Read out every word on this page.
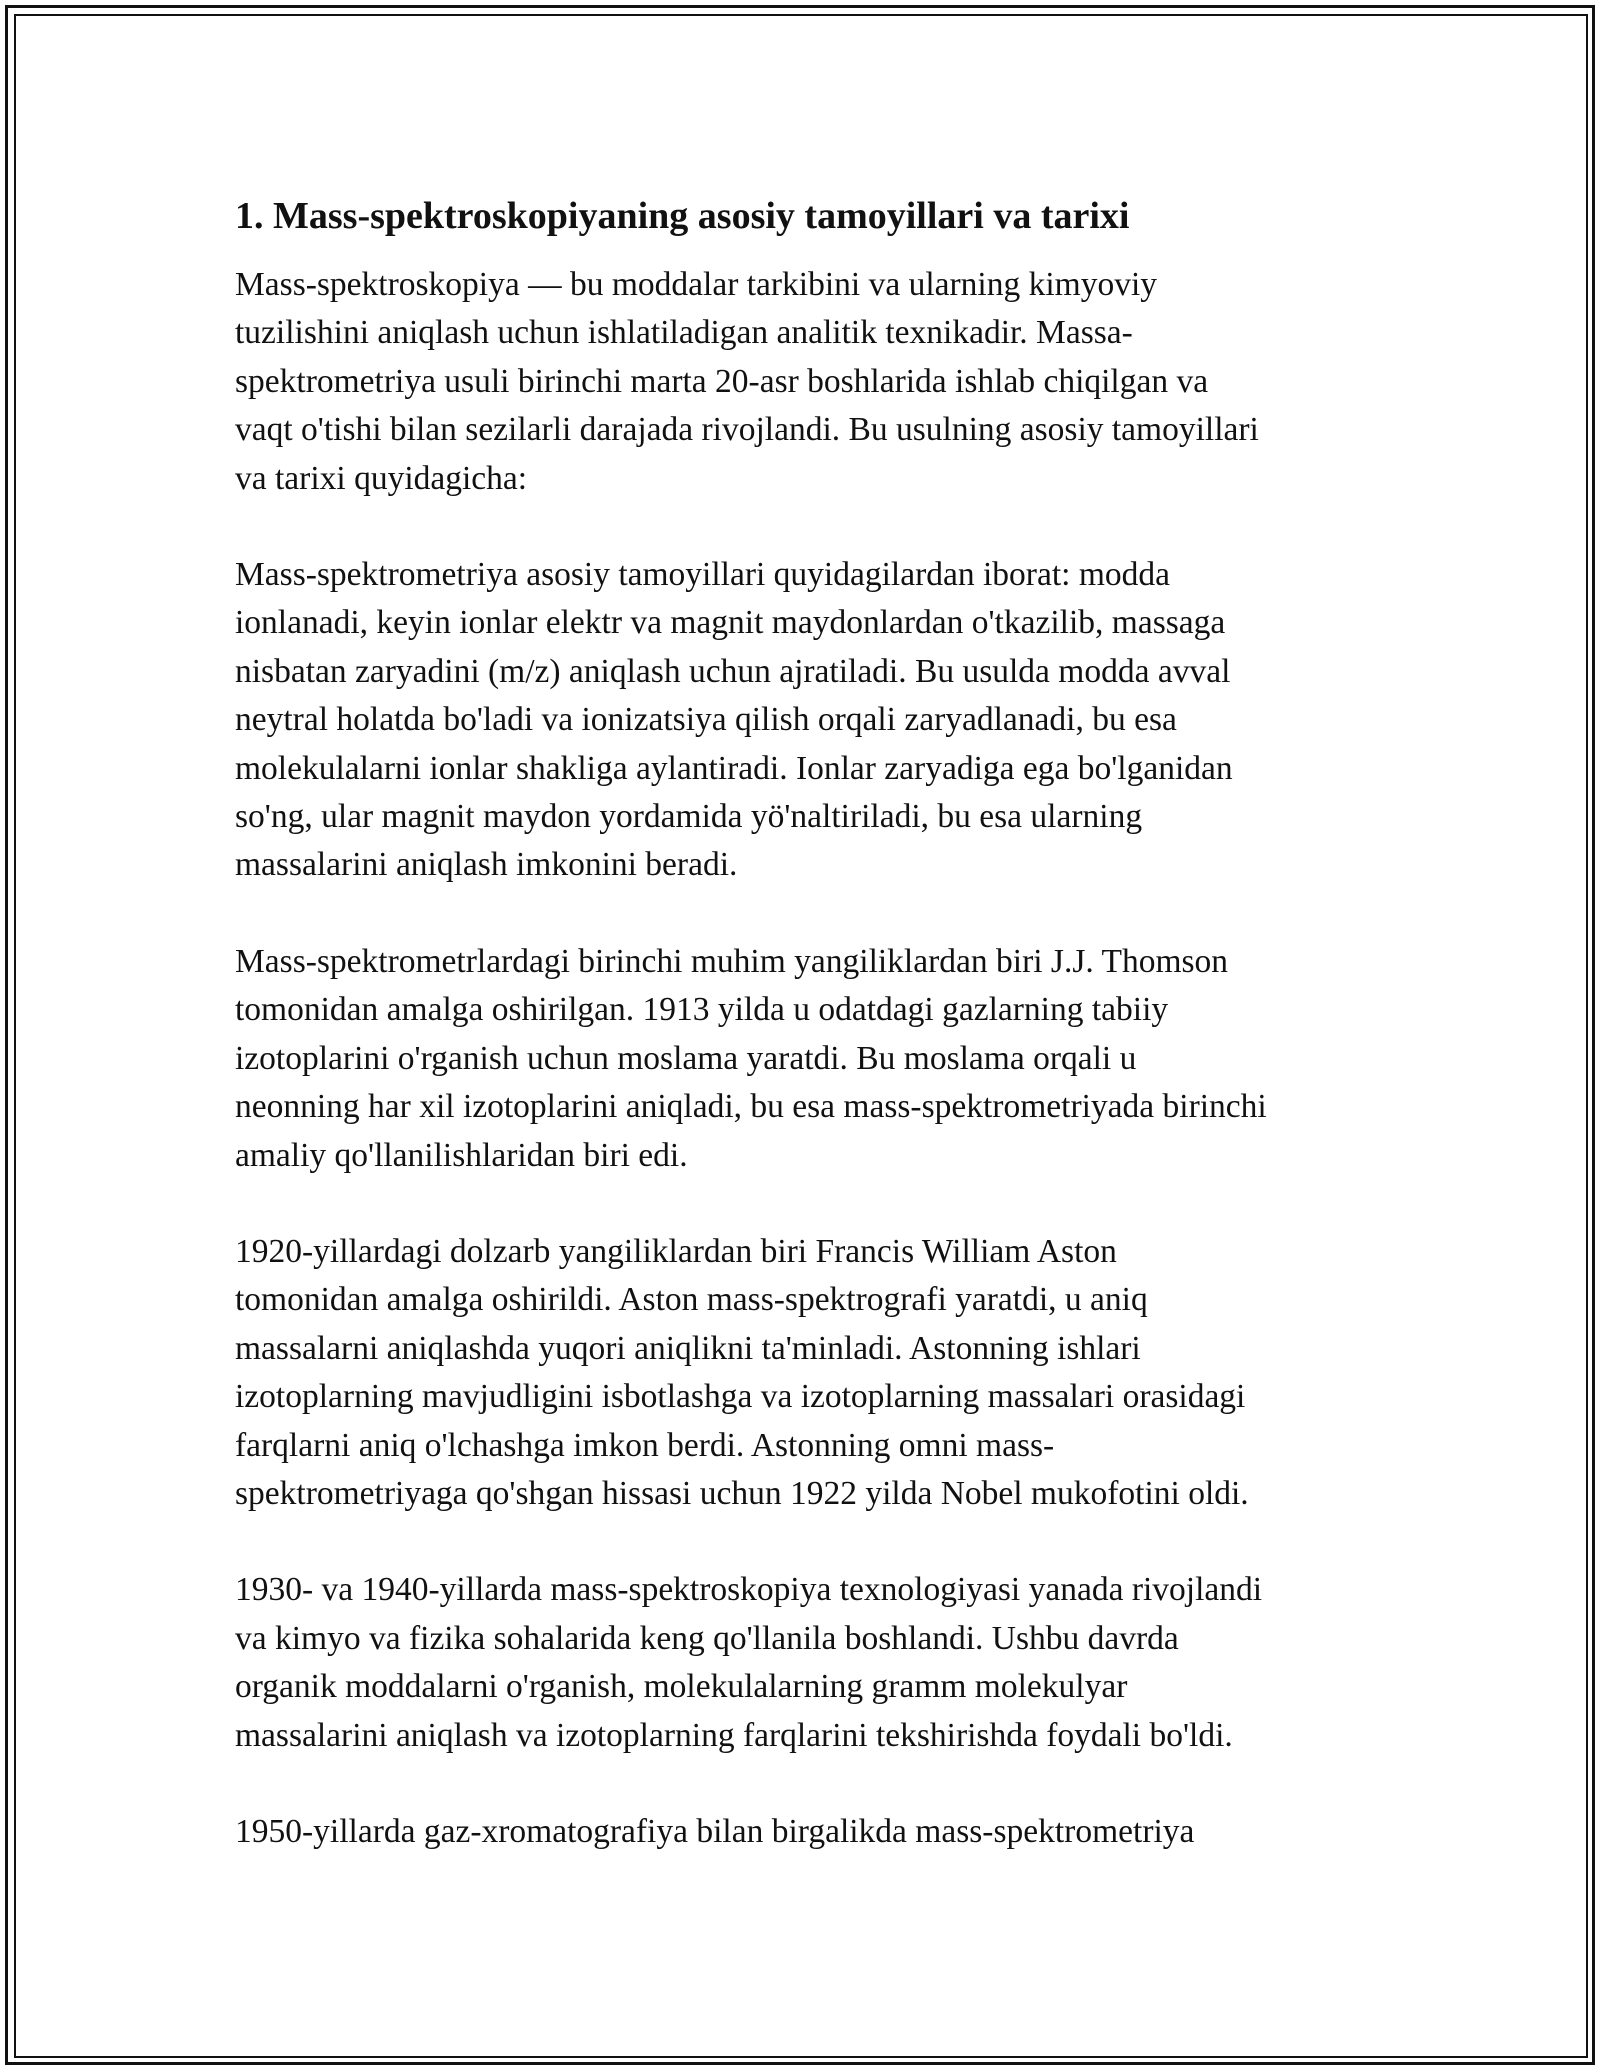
1. Mass-spektroskopiyaning asosiy tamoyillari va tarixi
Mass-spektroskopiya — bu moddalar tarkibini va ularning kimyoviy
tuzilishini aniqlash uchun ishlatiladigan analitik texnikadir. Massa-
spektrometriya usuli birinchi marta 20-asr boshlarida ishlab chiqilgan va
vaqt o'tishi bilan sezilarli darajada rivojlandi. Bu usulning asosiy tamoyillari
va tarixi quyidagicha:
Mass-spektrometriya asosiy tamoyillari quyidagilardan iborat: modda
ionlanadi, keyin ionlar elektr va magnit maydonlardan o'tkazilib, massaga
nisbatan zaryadini (m/z) aniqlash uchun ajratiladi. Bu usulda modda avval
neytral holatda bo'ladi va ionizatsiya qilish orqali zaryadlanadi, bu esa
molekulalarni ionlar shakliga aylantiradi. Ionlar zaryadiga ega bo'lganidan
so'ng, ular magnit maydon yordamida yö'naltiriladi, bu esa ularning
massalarini aniqlash imkonini beradi.
Mass-spektrometrlardagi birinchi muhim yangiliklardan biri J.J. Thomson
tomonidan amalga oshirilgan. 1913 yilda u odatdagi gazlarning tabiiy
izotoplarini o'rganish uchun moslama yaratdi. Bu moslama orqali u
neonning har xil izotoplarini aniqladi, bu esa mass-spektrometriyada birinchi
amaliy qo'llanilishlaridan biri edi.
1920-yillardagi dolzarb yangiliklardan biri Francis William Aston
tomonidan amalga oshirildi. Aston mass-spektrografi yaratdi, u aniq
massalarni aniqlashda yuqori aniqlikni ta'minladi. Astonning ishlari
izotoplarning mavjudligini isbotlashga va izotoplarning massalari orasidagi
farqlarni aniq o'lchashga imkon berdi. Astonning omni mass-
spektrometriyaga qo'shgan hissasi uchun 1922 yilda Nobel mukofotini oldi.
1930- va 1940-yillarda mass-spektroskopiya texnologiyasi yanada rivojlandi
va kimyo va fizika sohalarida keng qo'llanila boshlandi. Ushbu davrda
organik moddalarni o'rganish, molekulalarning gramm molekulyar
massalarini aniqlash va izotoplarning farqlarini tekshirishda foydali bo'ldi.
1950-yillarda gaz-xromatografiya bilan birgalikda mass-spektrometriya
